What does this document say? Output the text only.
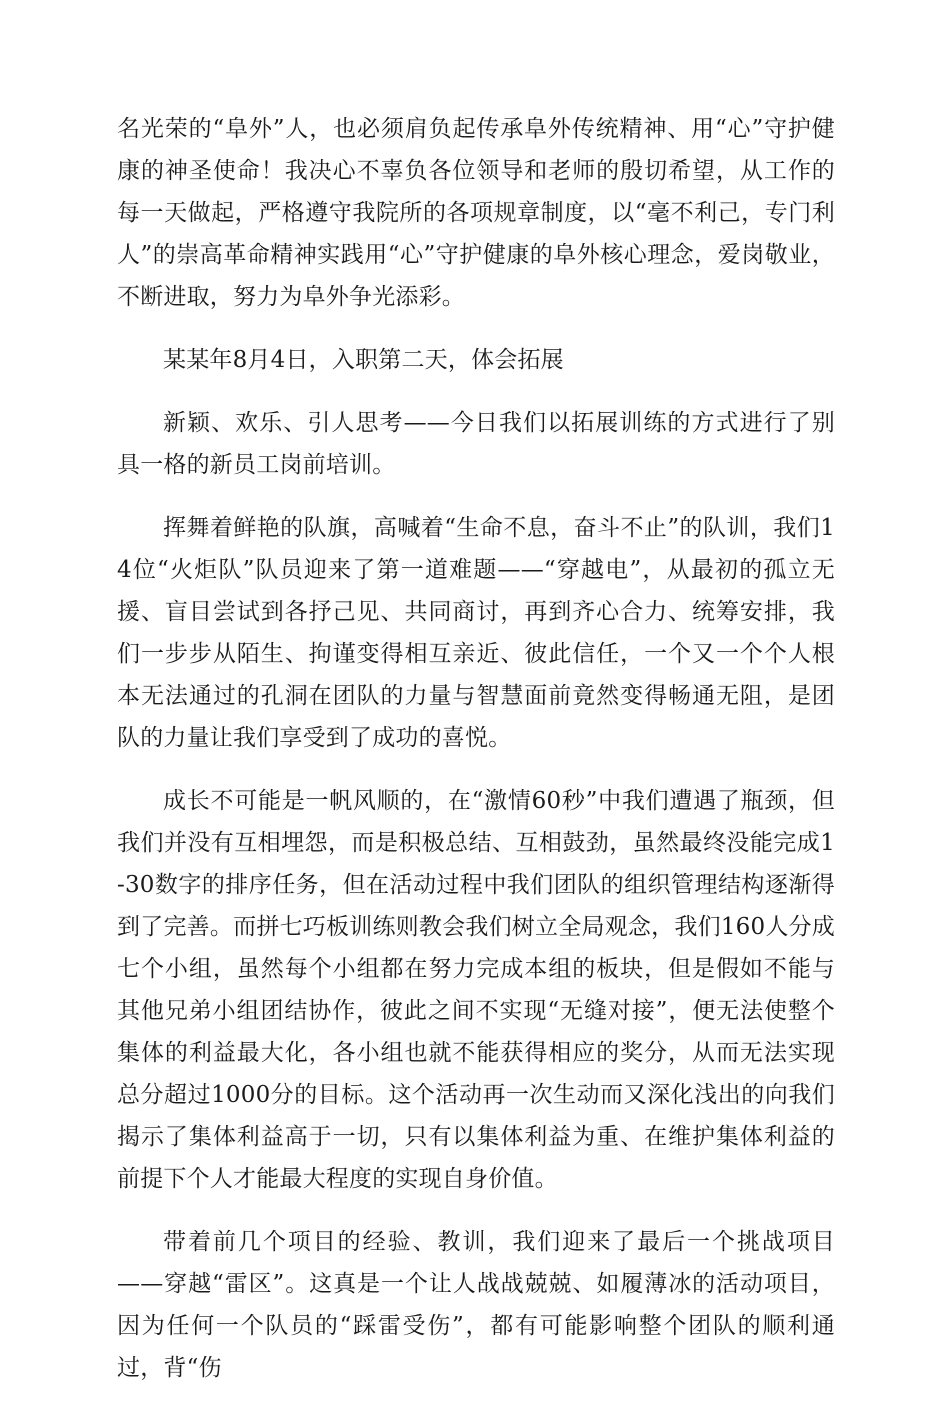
名光荣的“阜外”人，也必须肩负起传承阜外传统精神、用“心”守护健康的神圣使命！我决心不辜负各位领导和老师的殷切希望，从工作的每一天做起，严格遵守我院所的各项规章制度，以“毫不利己，专门利人”的崇高革命精神实践用“心”守护健康的阜外核心理念，爱岗敬业，不断进取，努力为阜外争光添彩。

某某年8月4日，入职第二天，体会拓展

新颖、欢乐、引人思考——今日我们以拓展训练的方式进行了别具一格的新员工岗前培训。

挥舞着鲜艳的队旗，高喊着“生命不息，奋斗不止”的队训，我们14位“火炬队”队员迎来了第一道难题——“穿越电”，从最初的孤立无援、盲目尝试到各抒己见、共同商讨，再到齐心合力、统筹安排，我们一步步从陌生、拘谨变得相互亲近、彼此信任，一个又一个个人根本无法通过的孔洞在团队的力量与智慧面前竟然变得畅通无阻，是团队的力量让我们享受到了成功的喜悦。

成长不可能是一帆风顺的，在“激情60秒”中我们遭遇了瓶颈，但我们并没有互相埋怨，而是积极总结、互相鼓劲，虽然最终没能完成1-30数字的排序任务，但在活动过程中我们团队的组织管理结构逐渐得到了完善。而拼七巧板训练则教会我们树立全局观念，我们160人分成七个小组，虽然每个小组都在努力完成本组的板块，但是假如不能与其他兄弟小组团结协作，彼此之间不实现“无缝对接”，便无法使整个集体的利益最大化，各小组也就不能获得相应的奖分，从而无法实现总分超过1000分的目标。这个活动再一次生动而又深化浅出的向我们揭示了集体利益高于一切，只有以集体利益为重、在维护集体利益的前提下个人才能最大程度的实现自身价值。

带着前几个项目的经验、教训，我们迎来了最后一个挑战项目——穿越“雷区”。这真是一个让人战战兢兢、如履薄冰的活动项目，因为任何一个队员的“踩雷受伤”，都有可能影响整个团队的顺利通过，背“伤
